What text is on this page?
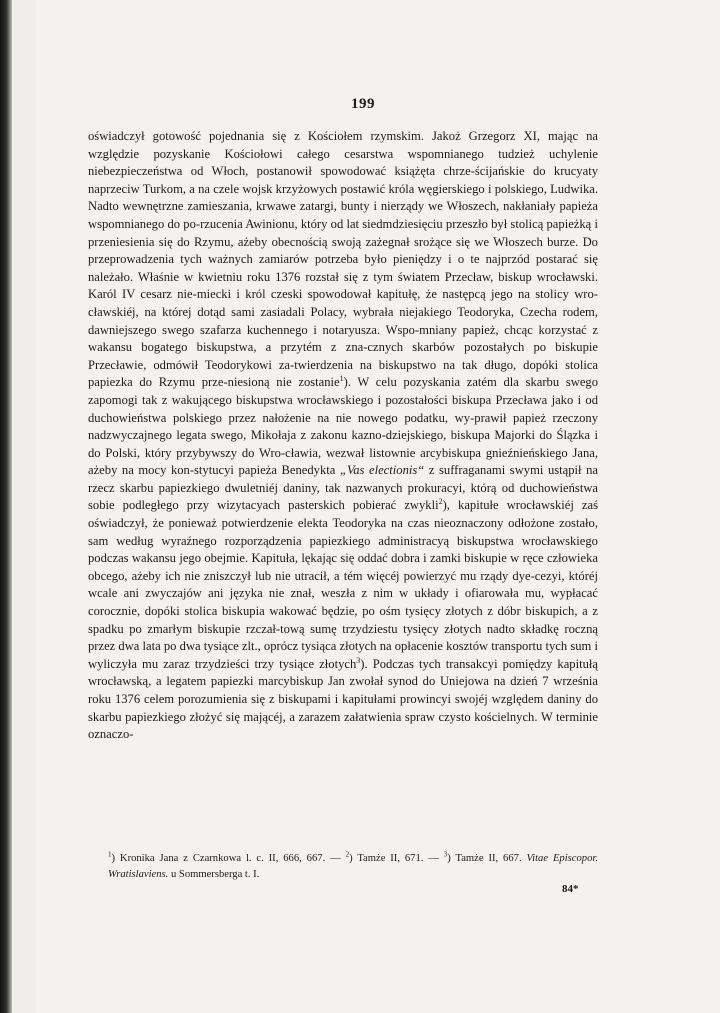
199

oświadczył gotowość pojednania się z Kościołem rzymskim. Jakoż Grzegorz XI, mając na względzie pozyskanie Kościołowi całego cesarstwa wspomnianego tudzież uchylenie niebezpieczeństwa od Włoch, postanowił spowodować książęta chrze-ścijańskie do krucyaty naprzeciw Turkom, a na czele wojsk krzyżowych postawić króla węgierskiego i polskiego, Ludwika. Nadto wewnętrzne zamieszania, krwawe zatargi, bunty i nierządy we Włoszech, nakłaniały papieża wspomnianego do po-rzucenia Awinionu, który od lat siedmdziesięciu przeszło był stolicą papieżką i przeniesienia się do Rzymu, ażeby obecnością swoją zażegnał srożące się we Włoszech burze. Do przeprowadzenia tych ważnych zamiarów potrzeba było pieniędzy i o te najprzód postarać się należało. Właśnie w kwietniu roku 1376 rozstał się z tym światem Przecław, biskup wrocławski. Karól IV cesarz nie-miecki i król czeski spowodował kapitułę, że następcą jego na stolicy wro-cławskiéj, na której dotąd sami zasiadali Polacy, wybrała niejakiego Teodoryka, Czecha rodem, dawniejszego swego szafarza kuchennego i notaryusza. Wspo-mniany papież, chcąc korzystać z wakansu bogatego biskupstwa, a przytém z zna-cznych skarbów pozostałych po biskupie Przecławie, odmówił Teodorykowi za-twierdzenia na biskupstwo na tak długo, dopóki stolica papiezka do Rzymu prze-niesioną nie zostanie$^1$). W celu pozyskania zatém dla skarbu swego zapomogi tak z wakującego biskupstwa wrocławskiego i pozostałości biskupa Przecława jako i od duchowieństwa polskiego przez nałożenie na nie nowego podatku, wy-prawił papież rzeczony nadzwyczajnego legata swego, Mikołaja z zakonu kazno-dziejskiego, biskupa Majorki do Ślązka i do Polski, który przybywszy do Wro-cławia, wezwał listownie arcybiskupa gnieźnieńskiego Jana, ażeby na mocy kon-stytucyi papieża Benedykta „Vas electionis“ z suffraganami swymi ustąpił na rzecz skarbu papiezkiego dwuletniéj daniny, tak nazwanych prokuracyi, którą od duchowieństwa sobie podległego przy wizytacyach pasterskich pobierać zwykli$^2$), kapitułe wrocławskiéj zaś oświadczył, że ponieważ potwierdzenie elekta Teodoryka na czas nieoznaczony odłożone zostało, sam według wyraźnego rozporządzenia papiezkiego administracyą biskupstwa wrocławskiego podczas wakansu jego obejmie. Kapituła, lękając się oddać dobra i zamki biskupie w ręce człowieka obcego, ażeby ich nie zniszczył lub nie utracił, a tém więcéj powierzyć mu rządy dye-cezyi, któréj wcale ani zwyczajów ani języka nie znał, weszła z nim w układy i ofiarowała mu, wypłacać corocznie, dopóki stolica biskupia wakować będzie, po ośm tysięcy złotych z dóbr biskupich, a z spadku po zmarłym biskupie rzczał-tową sumę trzydziestu tysięcy złotych nadto składkę roczną przez dwa lata po dwa tysiące zlt., oprócz tysiąca złotych na opłacenie kosztów transportu tych sum i wyliczyła mu zaraz trzydzieści trzy tysiące złotych$^3$). Podczas tych transakcyi pomiędzy kapitułą wrocławską, a legatem papiezki marcybiskup Jan zwołał synod do Uniejowa na dzień 7 września roku 1376 celem porozumienia się z biskupami i kapitułami prowincyi swojéj względem daniny do skarbu papiezkiego złożyć się mającéj, a zarazem załatwienia spraw czysto kościelnych. W terminie oznaczo-

$^1$) Kronika Jana z Czarnkowa l. c. II, 666, 667. — $^2$) Tamże II, 671. — $^3$) Tamże II, 667. Vitae Episcopor. Wratislaviens. u Sommersberga t. I.

84*
